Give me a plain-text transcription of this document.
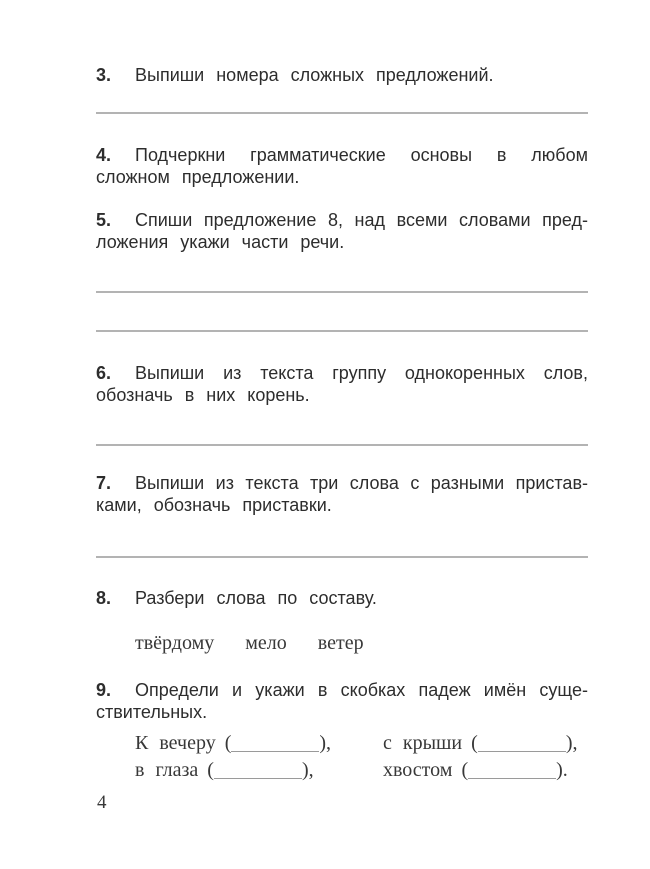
3.	Выпиши номера сложных предложений.
4.	Подчеркни грамматические основы в любом
сложном предложении.
5.	Спиши предложение 8, над всеми словами пред-
ложения укажи части речи.
6.	Выпиши из текста группу однокоренных слов,
обозначь в них корень.
7.	Выпиши из текста три слова с разными пристав-
ками, обозначь приставки.
8.	Разбери слова по составу.
твёрдому мело ветер
9.	Определи и укажи в скобках падеж имён суще-
ствительных.
К вечеру (	),	с крыши (	),
в глаза (	),	хвостом (	).
4
